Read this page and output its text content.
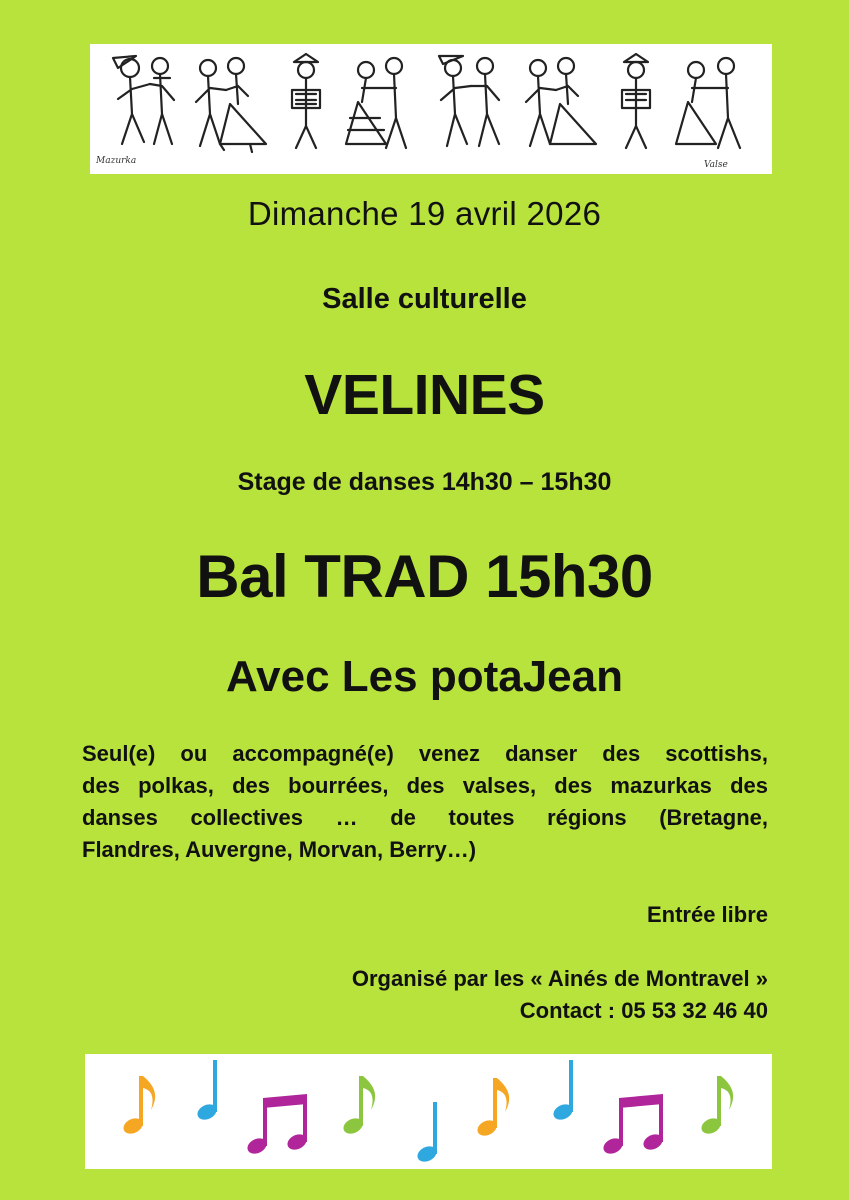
Mazurka	Valse
Dimanche 19 avril 2026
Salle culturelle
VELINES
Stage de danses 14h30 – 15h30
Bal TRAD 15h30
Avec Les potaJean
Seul(e) ou accompagné(e) venez danser des scottishs,
des polkas, des bourrées, des valses, des mazurkas des
danses collectives … de toutes régions (Bretagne,
Flandres, Auvergne, Morvan, Berry…)
Entrée libre
Organisé par les « Ainés de Montravel »
Contact : 05 53 32 46 40
